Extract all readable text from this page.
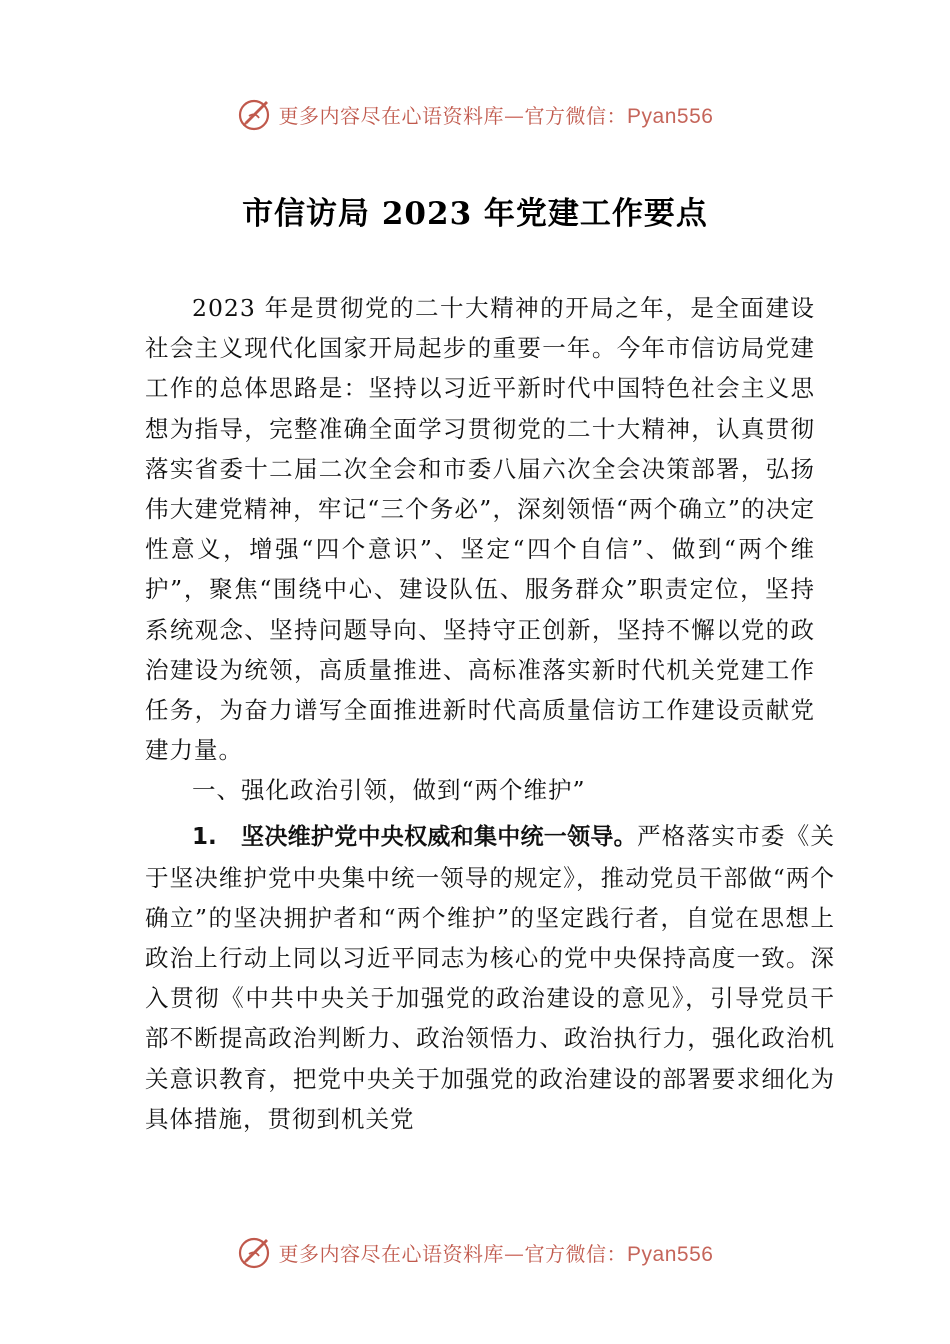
更多内容尽在心语资料库—官方微信：Pyan556
市信访局 2023 年党建工作要点

2023 年是贯彻党的二十大精神的开局之年，是全面建设社会主义现代化国家开局起步的重要一年。今年市信访局党建工作的总体思路是：坚持以习近平新时代中国特色社会主义思想为指导，完整准确全面学习贯彻党的二十大精神，认真贯彻落实省委十二届二次全会和市委八届六次全会决策部署，弘扬伟大建党精神，牢记“三个务必”，深刻领悟“两个确立”的决定性意义，增强“四个意识”、坚定“四个自信”、做到“两个维护”，聚焦“围绕中心、建设队伍、服务群众”职责定位，坚持系统观念、坚持问题导向、坚持守正创新，坚持不懈以党的政治建设为统领，高质量推进、高标准落实新时代机关党建工作任务，为奋力谱写全面推进新时代高质量信访工作建设贡献党建力量。

一、强化政治引领，做到“两个维护”

1. 坚决维护党中央权威和集中统一领导。严格落实市委《关于坚决维护党中央集中统一领导的规定》，推动党员干部做“两个确立”的坚决拥护者和“两个维护”的坚定践行者，自觉在思想上政治上行动上同以习近平同志为核心的党中央保持高度一致。深入贯彻《中共中央关于加强党的政治建设的意见》，引导党员干部不断提高政治判断力、政治领悟力、政治执行力，强化政治机关意识教育，把党中央关于加强党的政治建设的部署要求细化为具体措施，贯彻到机关党

更多内容尽在心语资料库—官方微信：Pyan556
